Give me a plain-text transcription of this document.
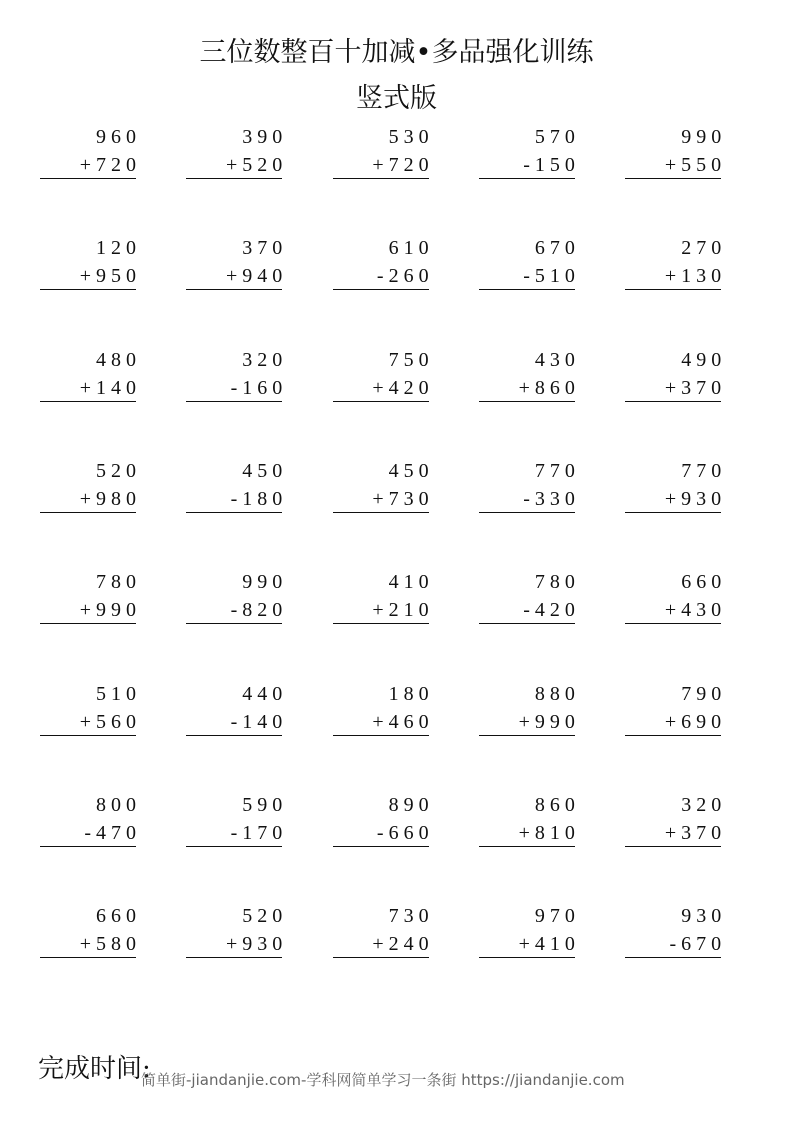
三位数整百十加减•多品强化训练
竖式版
9 6 0
+ 7 2 0
3 9 0
+ 5 2 0
5 3 0
+ 7 2 0
5 7 0
- 1 5 0
9 9 0
+ 5 5 0
1 2 0
+ 9 5 0
3 7 0
+ 9 4 0
6 1 0
- 2 6 0
6 7 0
- 5 1 0
2 7 0
+ 1 3 0
4 8 0
+ 1 4 0
3 2 0
- 1 6 0
7 5 0
+ 4 2 0
4 3 0
+ 8 6 0
4 9 0
+ 3 7 0
5 2 0
+ 9 8 0
4 5 0
- 1 8 0
4 5 0
+ 7 3 0
7 7 0
- 3 3 0
7 7 0
+ 9 3 0
7 8 0
+ 9 9 0
9 9 0
- 8 2 0
4 1 0
+ 2 1 0
7 8 0
- 4 2 0
6 6 0
+ 4 3 0
5 1 0
+ 5 6 0
4 4 0
- 1 4 0
1 8 0
+ 4 6 0
8 8 0
+ 9 9 0
7 9 0
+ 6 9 0
8 0 0
- 4 7 0
5 9 0
- 1 7 0
8 9 0
- 6 6 0
8 6 0
+ 8 1 0
3 2 0
+ 3 7 0
6 6 0
+ 5 8 0
5 2 0
+ 9 3 0
7 3 0
+ 2 4 0
9 7 0
+ 4 1 0
9 3 0
- 6 7 0
完成时间:
简单街-jiandanjie.com-学科网简单学习一条街 https://jiandanjie.com
